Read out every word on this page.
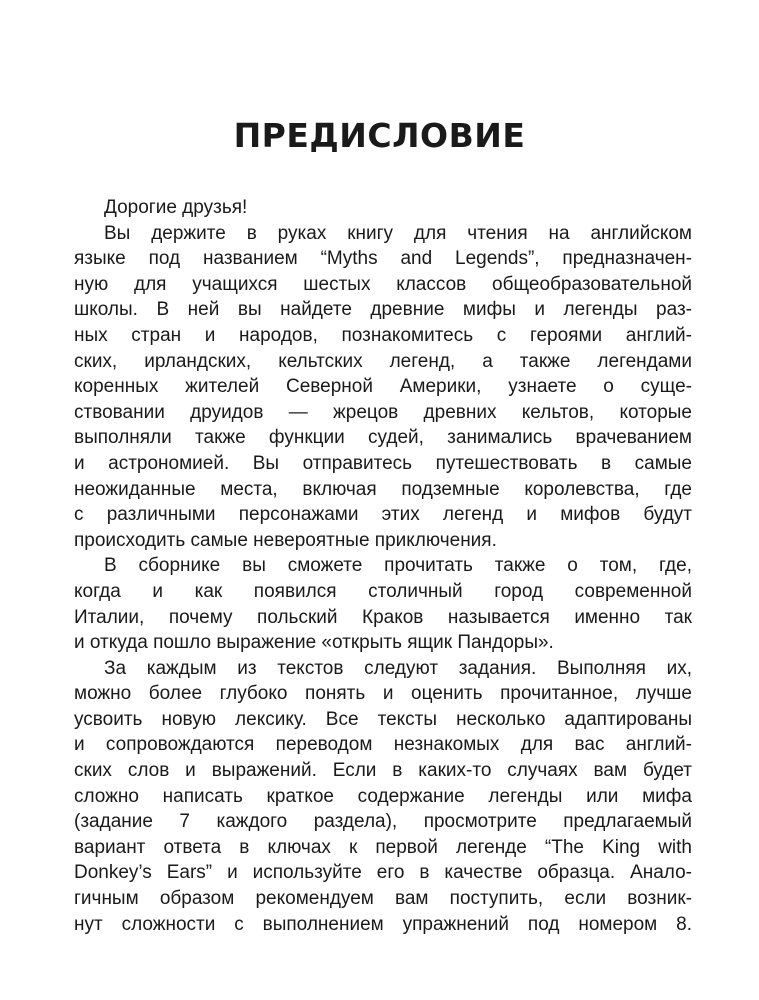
ПРЕДИСЛОВИЕ
Дорогие друзья!
Вы держите в руках книгу для чтения на английском
языке под названием “Myths and Legends”, предназначен-
ную для учащихся шестых классов общеобразовательной
школы. В ней вы найдете древние мифы и легенды раз-
ных стран и народов, познакомитесь с героями англий-
ских, ирландских, кельтских легенд, а также легендами
коренных жителей Северной Америки, узнаете о суще-
ствовании друидов — жрецов древних кельтов, которые
выполняли также функции судей, занимались врачеванием
и астрономией. Вы отправитесь путешествовать в самые
неожиданные места, включая подземные королевства, где
с различными персонажами этих легенд и мифов будут
происходить самые невероятные приключения.
В сборнике вы сможете прочитать также о том, где,
когда и как появился столичный город современной
Италии, почему польский Краков называется именно так
и откуда пошло выражение «открыть ящик Пандоры».
За каждым из текстов следуют задания. Выполняя их,
можно более глубоко понять и оценить прочитанное, лучше
усвоить новую лексику. Все тексты несколько адаптированы
и сопровождаются переводом незнакомых для вас англий-
ских слов и выражений. Если в каких-то случаях вам будет
сложно написать краткое содержание легенды или мифа
(задание 7 каждого раздела), просмотрите предлагаемый
вариант ответа в ключах к первой легенде “The King with
Donkey’s Ears” и используйте его в качестве образца. Анало-
гичным образом рекомендуем вам поступить, если возник-
нут сложности с выполнением упражнений под номером 8.
